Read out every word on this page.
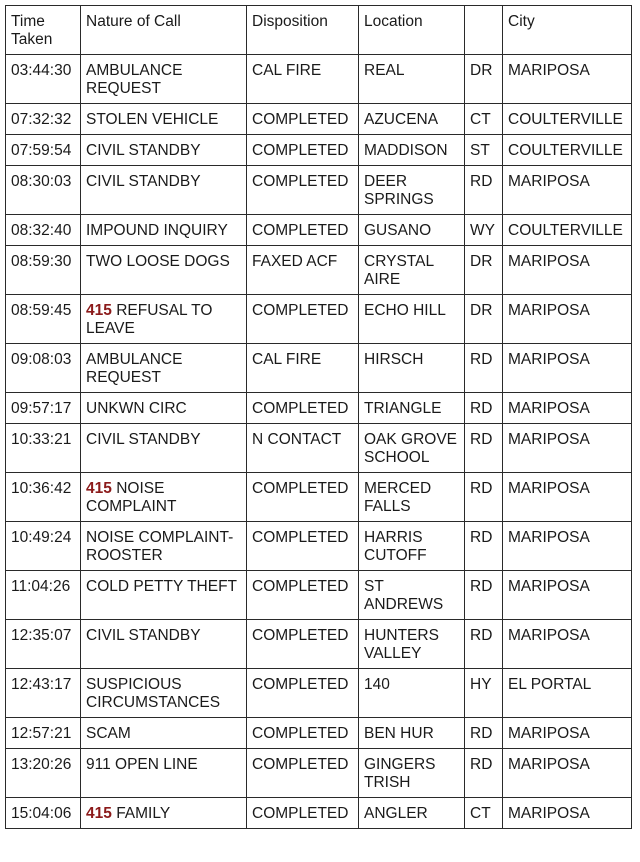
Time Taken	Nature of Call	Disposition	Location		City
03:44:30	AMBULANCE REQUEST	CAL FIRE	REAL	DR	MARIPOSA
07:32:32	STOLEN VEHICLE	COMPLETED	AZUCENA	CT	COULTERVILLE
07:59:54	CIVIL STANDBY	COMPLETED	MADDISON	ST	COULTERVILLE
08:30:03	CIVIL STANDBY	COMPLETED	DEER SPRINGS	RD	MARIPOSA
08:32:40	IMPOUND INQUIRY	COMPLETED	GUSANO	WY	COULTERVILLE
08:59:30	TWO LOOSE DOGS	FAXED ACF	CRYSTAL AIRE	DR	MARIPOSA
08:59:45	415 REFUSAL TO LEAVE	COMPLETED	ECHO HILL	DR	MARIPOSA
09:08:03	AMBULANCE REQUEST	CAL FIRE	HIRSCH	RD	MARIPOSA
09:57:17	UNKWN CIRC	COMPLETED	TRIANGLE	RD	MARIPOSA
10:33:21	CIVIL STANDBY	N CONTACT	OAK GROVE SCHOOL	RD	MARIPOSA
10:36:42	415 NOISE COMPLAINT	COMPLETED	MERCED FALLS	RD	MARIPOSA
10:49:24	NOISE COMPLAINT-ROOSTER	COMPLETED	HARRIS CUTOFF	RD	MARIPOSA
11:04:26	COLD PETTY THEFT	COMPLETED	ST ANDREWS	RD	MARIPOSA
12:35:07	CIVIL STANDBY	COMPLETED	HUNTERS VALLEY	RD	MARIPOSA
12:43:17	SUSPICIOUS CIRCUMSTANCES	COMPLETED	140	HY	EL PORTAL
12:57:21	SCAM	COMPLETED	BEN HUR	RD	MARIPOSA
13:20:26	911 OPEN LINE	COMPLETED	GINGERS TRISH	RD	MARIPOSA
15:04:06	415 FAMILY	COMPLETED	ANGLER	CT	MARIPOSA
